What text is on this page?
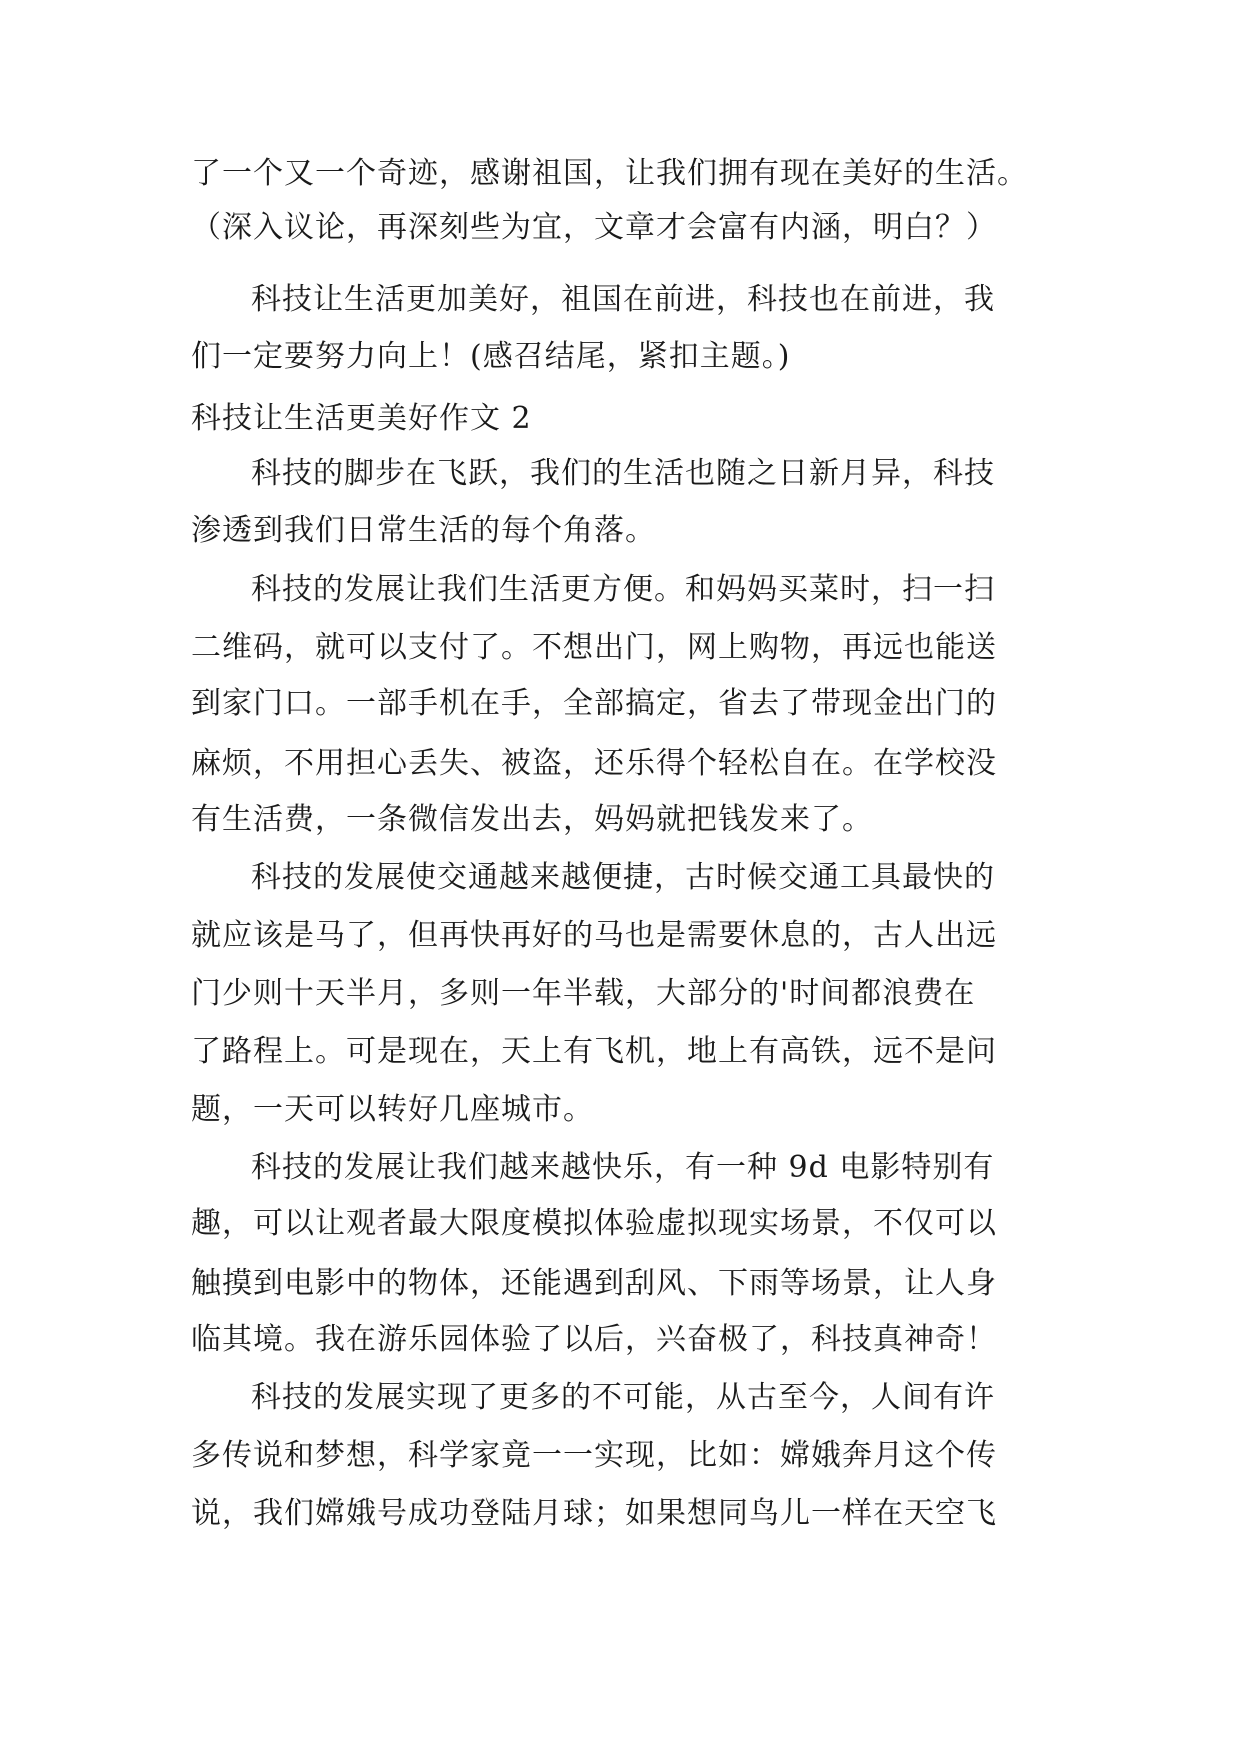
了一个又一个奇迹，感谢祖国，让我们拥有现在美好的生活。
（深入议论，再深刻些为宜，文章才会富有内涵，明白？）
科技让生活更加美好，祖国在前进，科技也在前进，我
们一定要努力向上！(感召结尾，紧扣主题。)
科技让生活更美好作文 2
科技的脚步在飞跃，我们的生活也随之日新月异，科技
渗透到我们日常生活的每个角落。
科技的发展让我们生活更方便。和妈妈买菜时，扫一扫
二维码，就可以支付了。不想出门，网上购物，再远也能送
到家门口。一部手机在手，全部搞定，省去了带现金出门的
麻烦，不用担心丢失、被盗，还乐得个轻松自在。在学校没
有生活费，一条微信发出去，妈妈就把钱发来了。
科技的发展使交通越来越便捷，古时候交通工具最快的
就应该是马了，但再快再好的马也是需要休息的，古人出远
门少则十天半月，多则一年半载，大部分的'时间都浪费在
了路程上。可是现在，天上有飞机，地上有高铁，远不是问
题，一天可以转好几座城市。
科技的发展让我们越来越快乐，有一种 9d 电影特别有
趣，可以让观者最大限度模拟体验虚拟现实场景，不仅可以
触摸到电影中的物体，还能遇到刮风、下雨等场景，让人身
临其境。我在游乐园体验了以后，兴奋极了，科技真神奇！
科技的发展实现了更多的不可能，从古至今，人间有许
多传说和梦想，科学家竟一一实现，比如：嫦娥奔月这个传
说，我们嫦娥号成功登陆月球；如果想同鸟儿一样在天空飞
